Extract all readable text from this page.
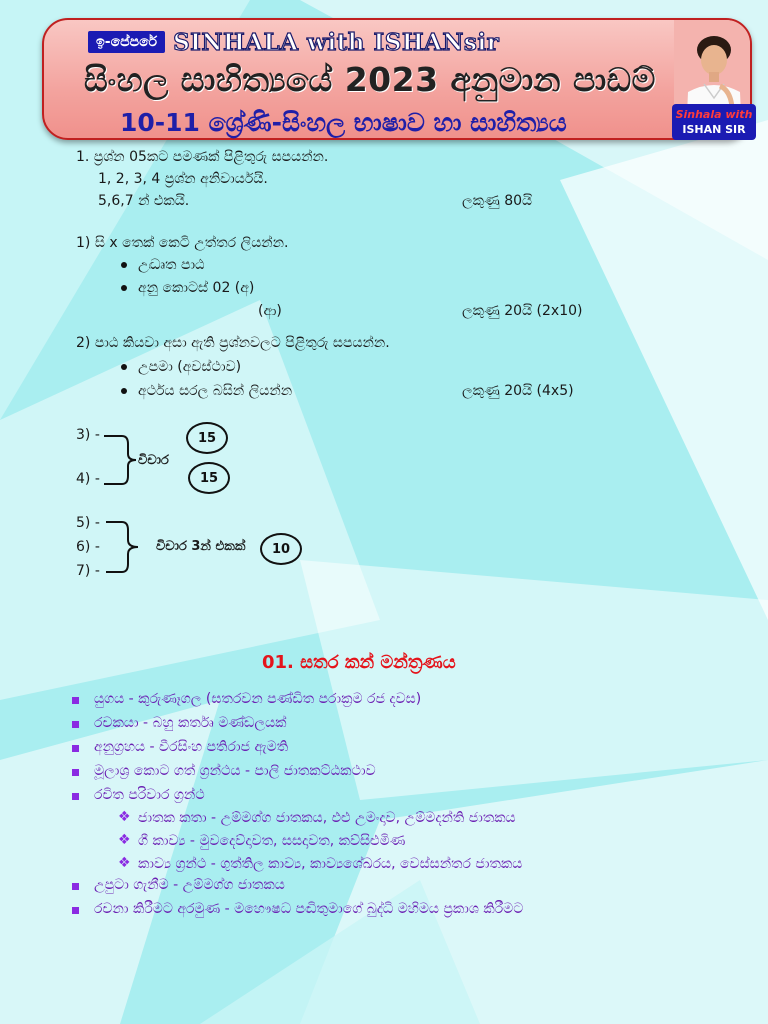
ඉ-පේපරේ SINHALA with ISHANsir
සිංහල සාහිත්‍යයේ 2023 අනුමාන පාඩම්
10-11 ශ්‍රේණි-සිංහල භාෂාව හා සාහිත්‍යය	Sinhala with
ISHAN SIR
1. ප්‍රශ්න 05කට පමණක් පිළිතුරු සපයන්න.
1, 2, 3, 4 ප්‍රශ්න අනිවාර්යයි.
5,6,7 න් එකයි.	ලකුණු 80යි
1) සි x තෙක් කෙටි උත්තර ලියන්න.
උද්‍ධෘත පාඨ
අනු කොටස් 02 (අ)
(ආ)	ලකුණු 20යි (2x10)
2) පාඨ කියවා අසා ඇති ප්‍රශ්නවලට පිළිතුරු සපයන්න.
උපමා (අවස්ථාව)
අර්ථය සරල බසින් ලියන්න	ලකුණු 20යි (4x5)
3) -
4) -
විචාර
15
15
5) -
6) -
7) -
විචාර 3න් එකක්	10
01. සතර කන් මන්ත්‍රණය
යුගය - කුරුණෑගල (සතරවන පණ්ඩිත පරාක්‍රම රජ දවස)
රචකයා - බහු කර්තෘ මණ්ඩලයක්
අනුග්‍රහය - වීරසිංහ පතිරාජ ඇමති
මූලාශ්‍ර කොට ගත් ග්‍රන්ථය - පාලි ජාතකට්ඨකථාව
රචිත පරිවාර ග්‍රන්ථ
❖ ජාතක කතා - උම්මග්ග ජාතකය, ඵළු උමංදාව, උම්මදන්ති ජාතකය
❖ ගී කාව්‍ය - මුවදෙව්දාවත, සසදාවත, කව්සිළුමිණ
❖ කාව්‍ය ග්‍රන්ථ - ගුත්තිල කාව්‍ය, කාව්‍යශේඛරය, වෙස්සන්තර ජාතකය
උපුටා ගැනීම - උම්මග්ග ජාතකය
රචනා කිරීමට අරමුණ - මහෞෂධ පඬිතුමාගේ බුද්ධි මහිමය ප්‍රකාශ කිරීමට
